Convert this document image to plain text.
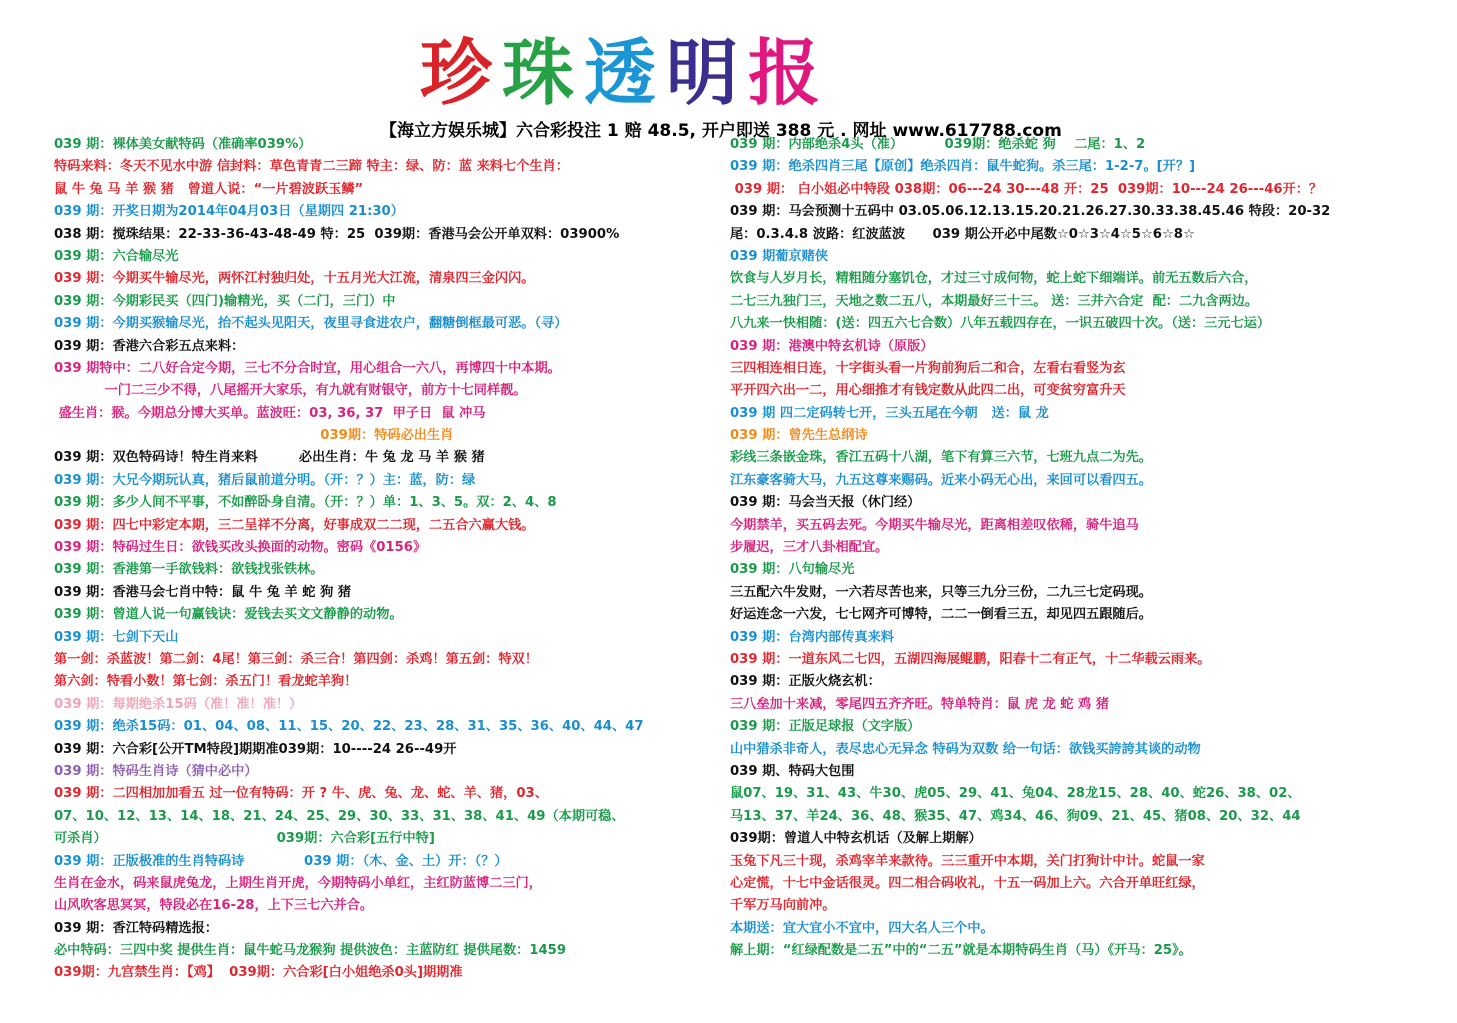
珍珠透明报
【海立方娱乐城】六合彩投注 1 赔 48.5, 开户即送 388 元 . 网址 www.617788.com
039 期：裸体美女献特码（准确率039%）
特码来料：冬天不见水中游 信封料：草色青青二三蹄 特主：绿、防：蓝 来料七个生肖：
鼠 牛 兔 马 羊 猴 猪   曾道人说：“一片碧波跃玉鳞”
039 期：开奖日期为2014年04月03日（星期四 21:30）
038 期：搅珠结果：22-33-36-43-48-49 特：25  039期：香港马会公开单双料：03900%
039 期：六合输尽光
039 期：今期买牛输尽光，两怀江村独归处，十五月光大江流，清泉四三金闪闪。
039 期：今期彩民买（四门)输精光，买（二门，三门）中
039 期：今期买猴输尽光，抬不起头见阳天，夜里寻食进农户，翻糖倒框最可恶。（寻）
039 期：香港六合彩五点来料：
039 期特中：二八好合定今期，三七不分合时宜，用心组合一六八，再博四十中本期。
一门二三少不得，八尾摇开大家乐，有九就有财银守，前方十七同样靓。
盛生肖：猴。今期总分博大买单。蓝波旺：03, 36, 37  甲子日  鼠 冲马
039期：特码必出生肖
039 期：双色特码诗！特生肖来料         必出生肖：牛 兔 龙 马 羊 猴 猪
039 期：大兄今期玩认真，猪后鼠前道分明。（开：？）主：蓝，防：绿
039 期：多少人间不平事，不如醉卧身自清。（开：？）单：1、3、5。双：2、4、8
039 期：四七中彩定本期，三二呈祥不分离，好事成双二二现，二五合六赢大钱。
039 期：特码过生日：欲钱买改头换面的动物。密码《0156》
039 期：香港第一手欲钱料：欲钱找张铁林。
039 期：香港马会七肖中特：鼠 牛 兔 羊 蛇 狗 猪
039 期：曾道人说一句赢钱诀：爱钱去买文文静静的动物。
039 期：七剑下天山
第一剑：杀蓝波！第二剑：4尾！第三剑：杀三合！第四剑：杀鸡！第五剑：特双！
第六剑：特看小数！第七剑：杀五门！看龙蛇羊狗！
039 期：每期绝杀15码（准！准！准！）
039 期：绝杀15码：01、04、08、11、15、20、22、23、28、31、35、36、40、44、47
039 期：六合彩[公开TM特段]期期准039期：10----24 26--49开
039 期：特码生肖诗（猜中必中）
039 期：二四相加加看五 过一位有特码：开 ? 牛、虎、兔、龙、蛇、羊、猪，03、
07、10、12、13、14、18、21、24、25、29、30、33、31、38、41、49（本期可稳、
可杀肖）                                     039期：六合彩[五行中特]
039 期：正版极准的生肖特码诗             039 期：（木、金、土）开：（？）
生肖在金水，码来鼠虎兔龙，上期生肖开虎，今期特码小单红，主红防蓝博二三门，
山风吹客思冥冥，特段必在16-28，上下三七六并合。
039 期：香江特码精选报：
必中特码：三四中奖 提供生肖：鼠牛蛇马龙猴狗 提供波色：主蓝防红 提供尾数：1459
039期：九宫禁生肖：【鸡】  039期：六合彩[白小姐绝杀0头]期期准
039 期：内部绝杀4头（准）         039期：绝杀蛇 狗    二尾：1、2
039 期：绝杀四肖三尾【原创】绝杀四肖：鼠牛蛇狗。杀三尾：1-2-7。[开？]
039 期： 白小姐必中特段 038期：06---24 30---48 开：25  039期：10---24 26---46开：？
039 期：马会预测十五码中 03.05.06.12.13.15.20.21.26.27.30.33.38.45.46 特段：20-32
尾：0.3.4.8 波路：红波蓝波      039 期公开必中尾数☆0☆3☆4☆5☆6☆8☆
039 期葡京赌侠
饮食与人岁月长，精粗随分塞饥仓，才过三寸成何物，蛇上蛇下细端详。前无五数后六合，
二七三九独门三，天地之数二五八，本期最好三十三。 送：三并六合定  配：二九含两边。
八九来一快相随：(送：四五六七合数）八年五载四存在，一识五破四十次。（送：三元七运）
039 期：港澳中特玄机诗（原版）
三四相连相日连，十字街头看一片狗前狗后二和合，左看右看竖为玄
平开四六出一二，用心细推才有钱定数从此四二出，可变贫穷富升天
039 期 四二定码转七开，三头五尾在今朝   送：鼠 龙
039 期：曾先生总纲诗
彩线三条嵌金珠，香江五码十八湖，笔下有算三六节，七班九点二为先。
江东豪客骑大马，九五这尊来赐码。近来小码无心出，来回可以看四五。
039 期：马会当天报（休门经）
今期禁羊，买五码去死。今期买牛输尽光，距离相差叹依稀，骑牛追马
步履迟，三才八卦相配宜。
039 期：八句输尽光
三五配六牛发财，一六若尽苦也来，只等三九分三份，二九三七定码现。
好运连念一六发，七七网齐可博特，二二一倒看三五，却见四五跟随后。
039 期：台湾内部传真来料
039 期：一道东风二七四，五湖四海展鲲鹏，阳春十二有正气，十二华载云雨来。
039 期：正版火烧玄机：
三八垒加十来减，零尾四五齐齐旺。特单特肖：鼠 虎 龙 蛇 鸡 猪
039 期：正版足球报（文字版）
山中猎杀非奇人，表尽忠心无异念 特码为双数 给一句话：欲钱买誇誇其谈的动物
039 期、特码大包围
鼠07、19、31、43、牛30、虎05、29、41、兔04、28龙15、28、40、蛇26、38、02、
马13、37、羊24、36、48、猴35、47、鸡34、46、狗09、21、45、猪08、20、32、44
039期：曾道人中特玄机话（及解上期解）
玉兔下凡三十现，杀鸡宰羊来款待。三三重开中本期，关门打狗计中计。蛇鼠一家
心定慌，十七中金话很灵。四二相合码收礼，十五一码加上六。六合开单旺红绿，
千军万马向前冲。
本期送：宜大宜小不宜中，四大名人三个中。
解上期：“红绿配数是二五”中的“二五”就是本期特码生肖（马）《开马：25》。
